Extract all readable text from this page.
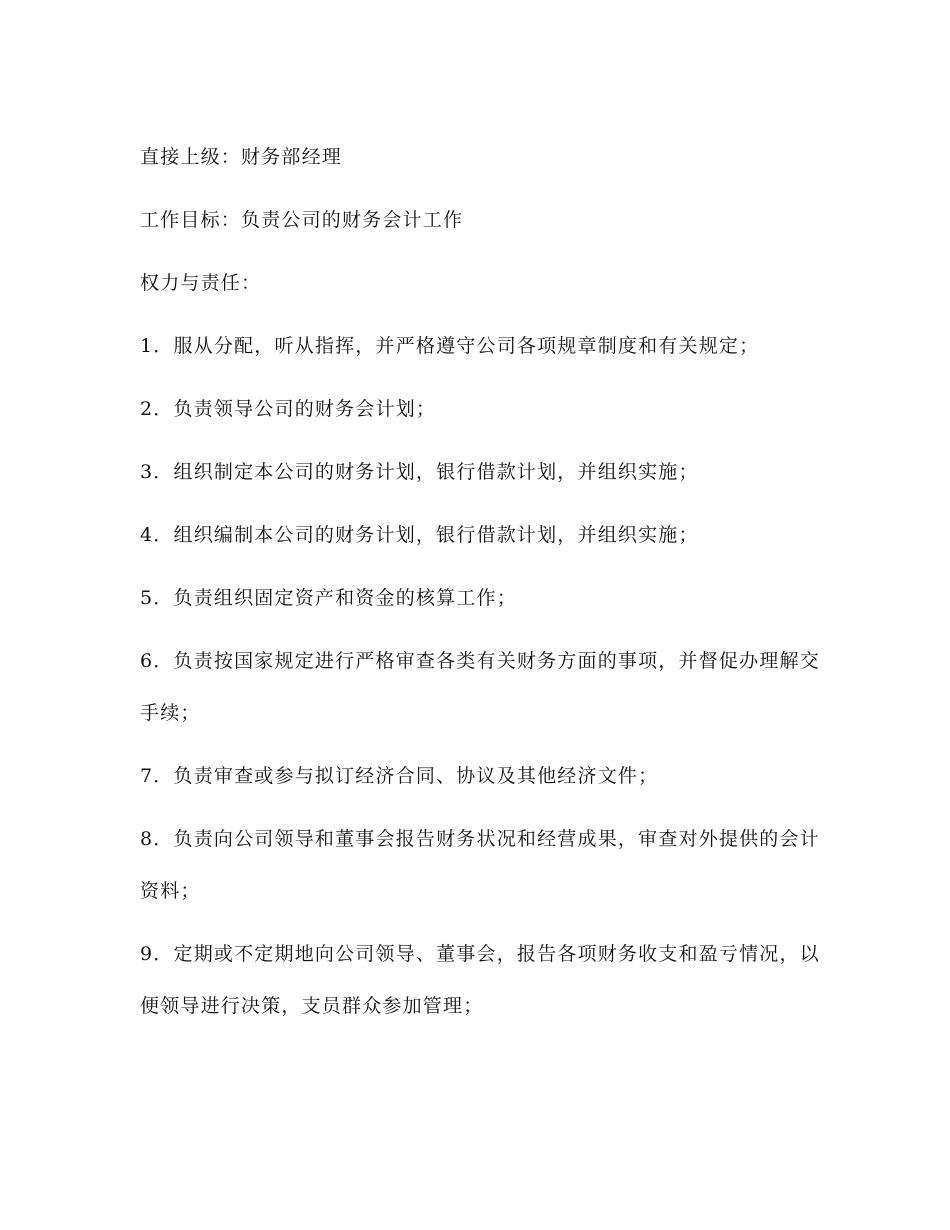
直接上级：财务部经理

工作目标：负责公司的财务会计工作

权力与责任：

1．服从分配，听从指挥，并严格遵守公司各项规章制度和有关规定；

2．负责领导公司的财务会计划；

3．组织制定本公司的财务计划，银行借款计划，并组织实施；

4．组织编制本公司的财务计划，银行借款计划，并组织实施；

5．负责组织固定资产和资金的核算工作；

6．负责按国家规定进行严格审查各类有关财务方面的事项，并督促办理解交手续；

7．负责审查或参与拟订经济合同、协议及其他经济文件；

8．负责向公司领导和董事会报告财务状况和经营成果，审查对外提供的会计资料；

9．定期或不定期地向公司领导、董事会，报告各项财务收支和盈亏情况，以便领导进行决策，支员群众参加管理；
